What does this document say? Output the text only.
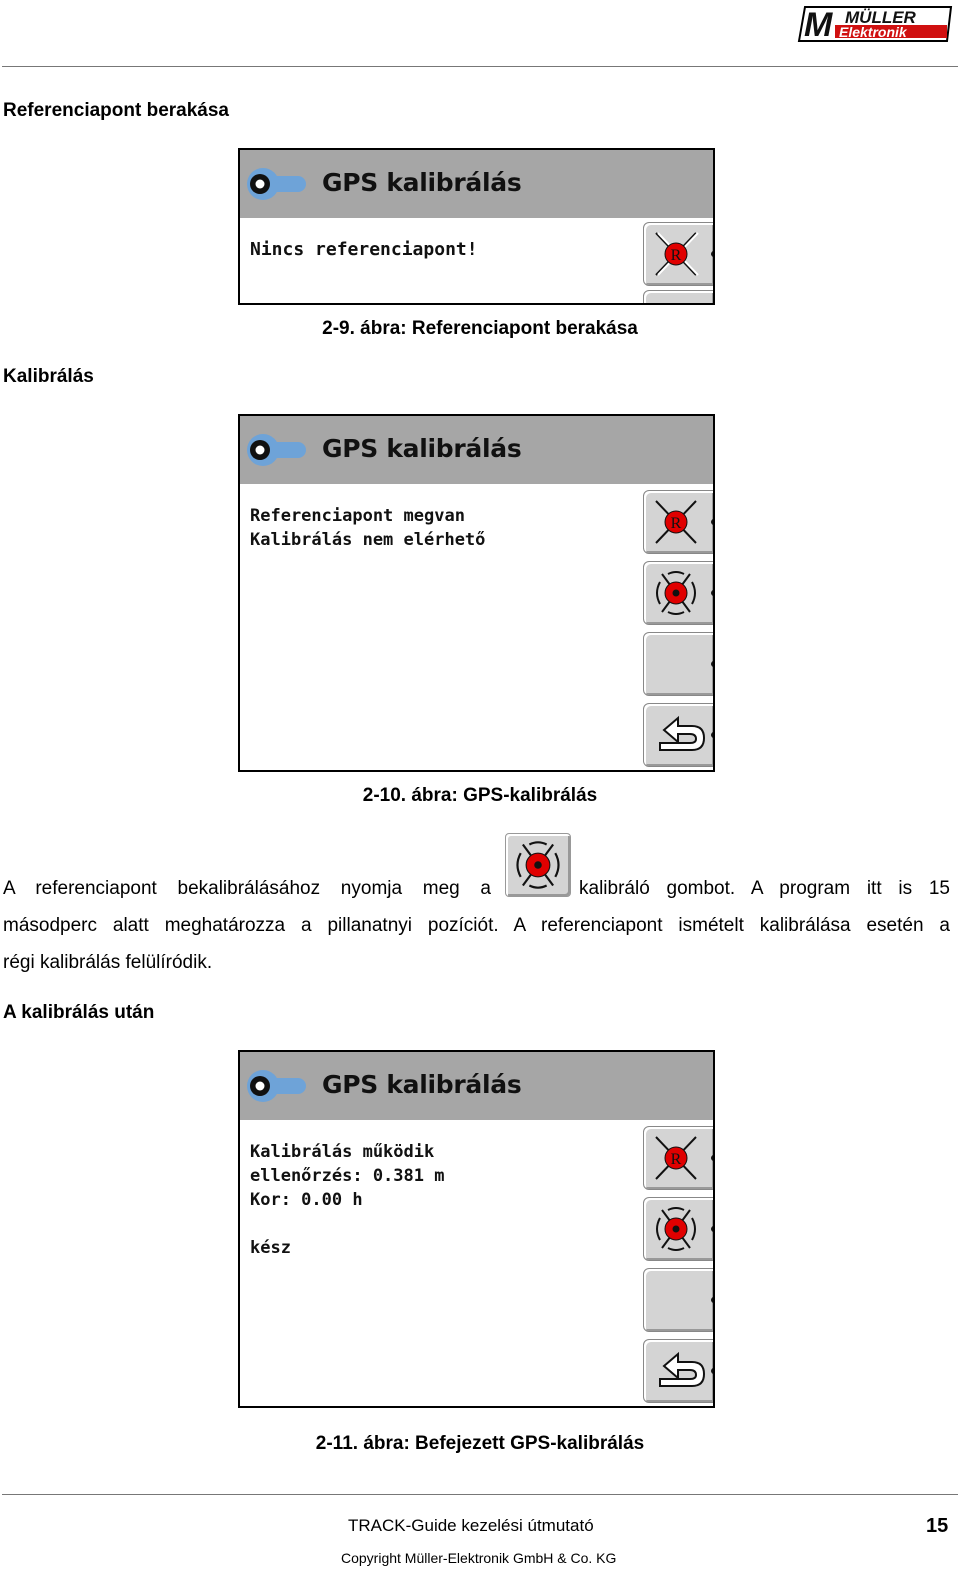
M MÜLLER
Elektronik
Referenciapont berakása
GPS kalibrálás
Nincs referenciapont!	R
2-9. ábra: Referenciapont berakása
Kalibrálás
GPS kalibrálás
Referenciapont megvan
Kalibrálás nem elérhető
R
2-10. ábra: GPS-kalibrálás
A referenciapont bekalibrálásához nyomja meg a	kalibráló gombot. A program itt is 15
másodperc alatt meghatározza a pillanatnyi pozíciót. A referenciapont ismételt kalibrálása esetén a
régi kalibrálás felülíródik.
A kalibrálás után
GPS kalibrálás
Kalibrálás működik
ellenőrzés: 0.381 m
Kor: 0.00 h

kész
R
2-11. ábra: Befejezett GPS-kalibrálás
TRACK-Guide kezelési útmutató	15
Copyright Müller-Elektronik GmbH & Co. KG
